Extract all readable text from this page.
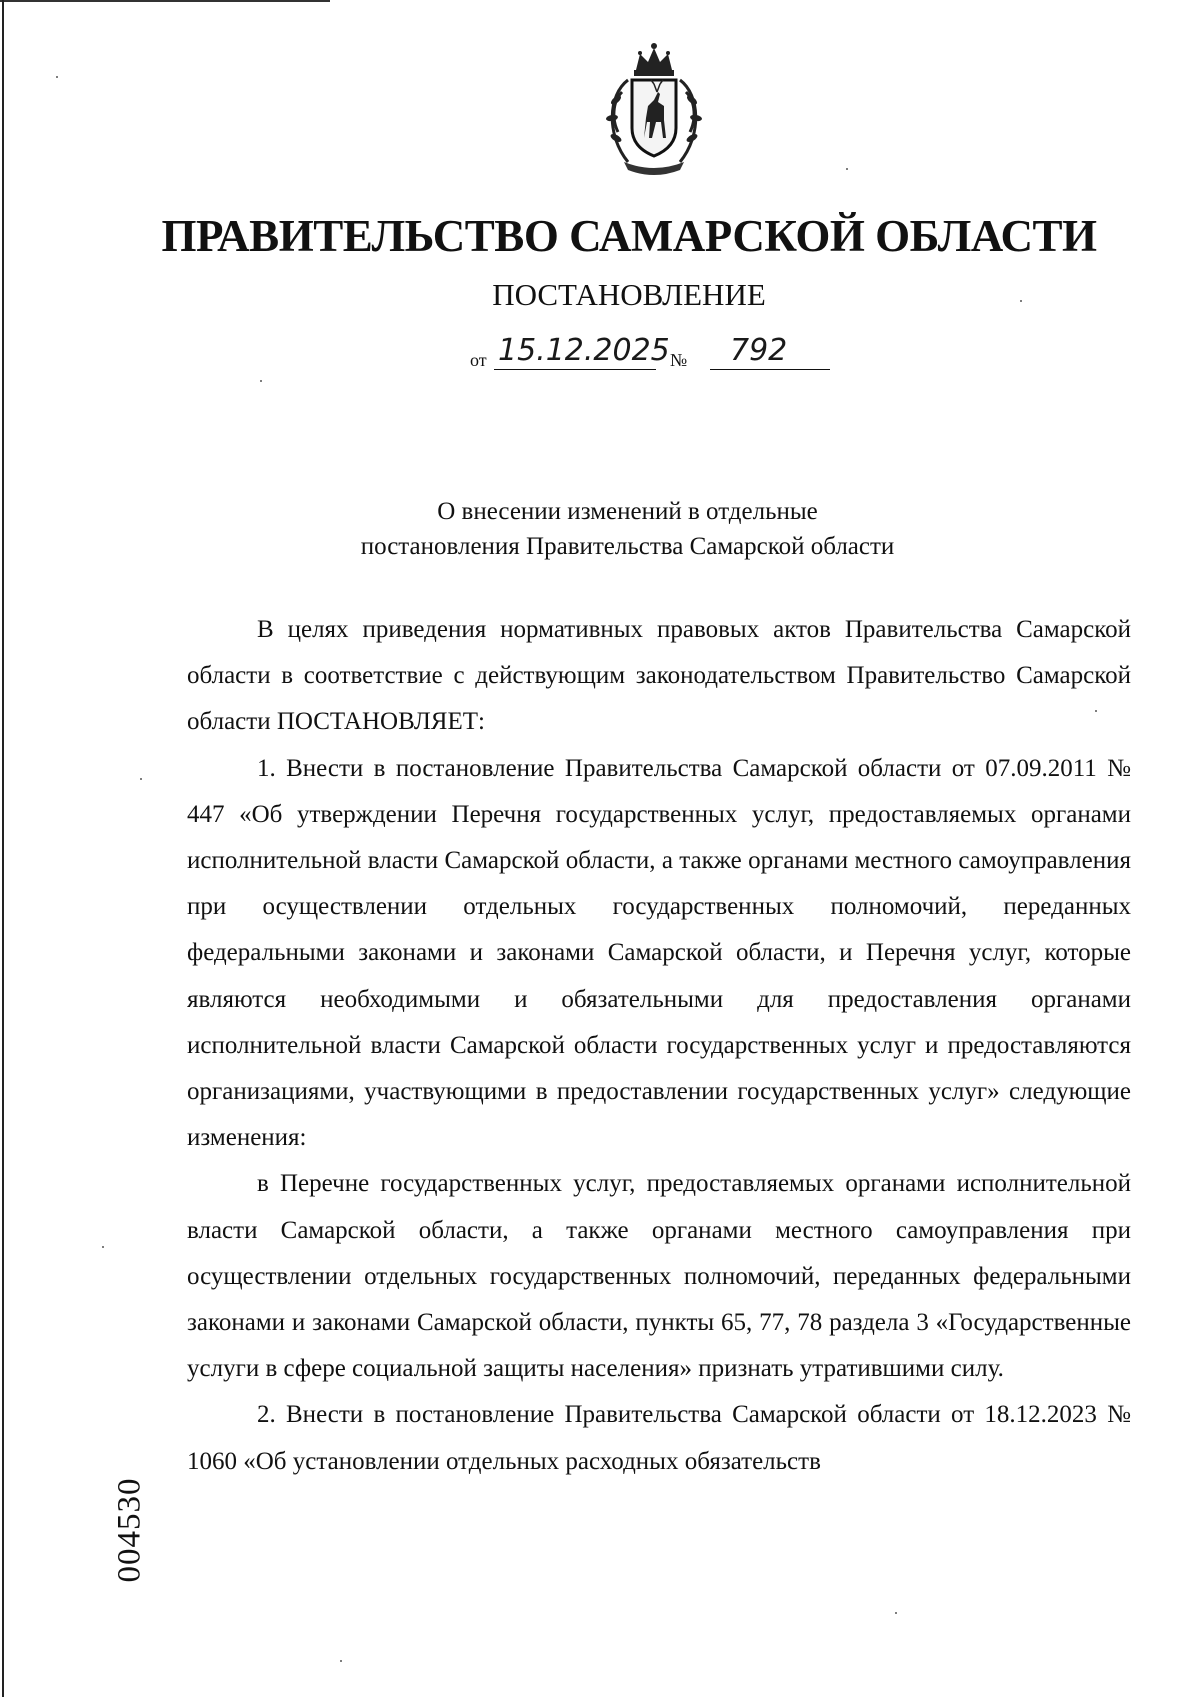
ПРАВИТЕЛЬСТВО САМАРСКОЙ ОБЛАСТИ
ПОСТАНОВЛЕНИЕ
от 15.12.2025 № 792
О внесении изменений в отдельные
постановления Правительства Самарской области

В целях приведения нормативных правовых актов Правительства Самарской области в соответствие с действующим законодательством Правительство Самарской области ПОСТАНОВЛЯЕТ:

1. Внести в постановление Правительства Самарской области от 07.09.2011 № 447 «Об утверждении Перечня государственных услуг, предоставляемых органами исполнительной власти Самарской области, а также органами местного самоуправления при осуществлении отдельных государственных полномочий, переданных федеральными законами и законами Самарской области, и Перечня услуг, которые являются необходимыми и обязательными для предоставления органами исполнительной власти Самарской области государственных услуг и предоставляются организациями, участвующими в предоставлении государственных услуг» следующие изменения:

в Перечне государственных услуг, предоставляемых органами исполнительной власти Самарской области, а также органами местного самоуправления при осуществлении отдельных государственных полномочий, переданных федеральными законами и законами Самарской области, пункты 65, 77, 78 раздела 3 «Государственные услуги в сфере социальной защиты населения» признать утратившими силу.

2. Внести в постановление Правительства Самарской области от 18.12.2023 № 1060 «Об установлении отдельных расходных обязательств

004530
